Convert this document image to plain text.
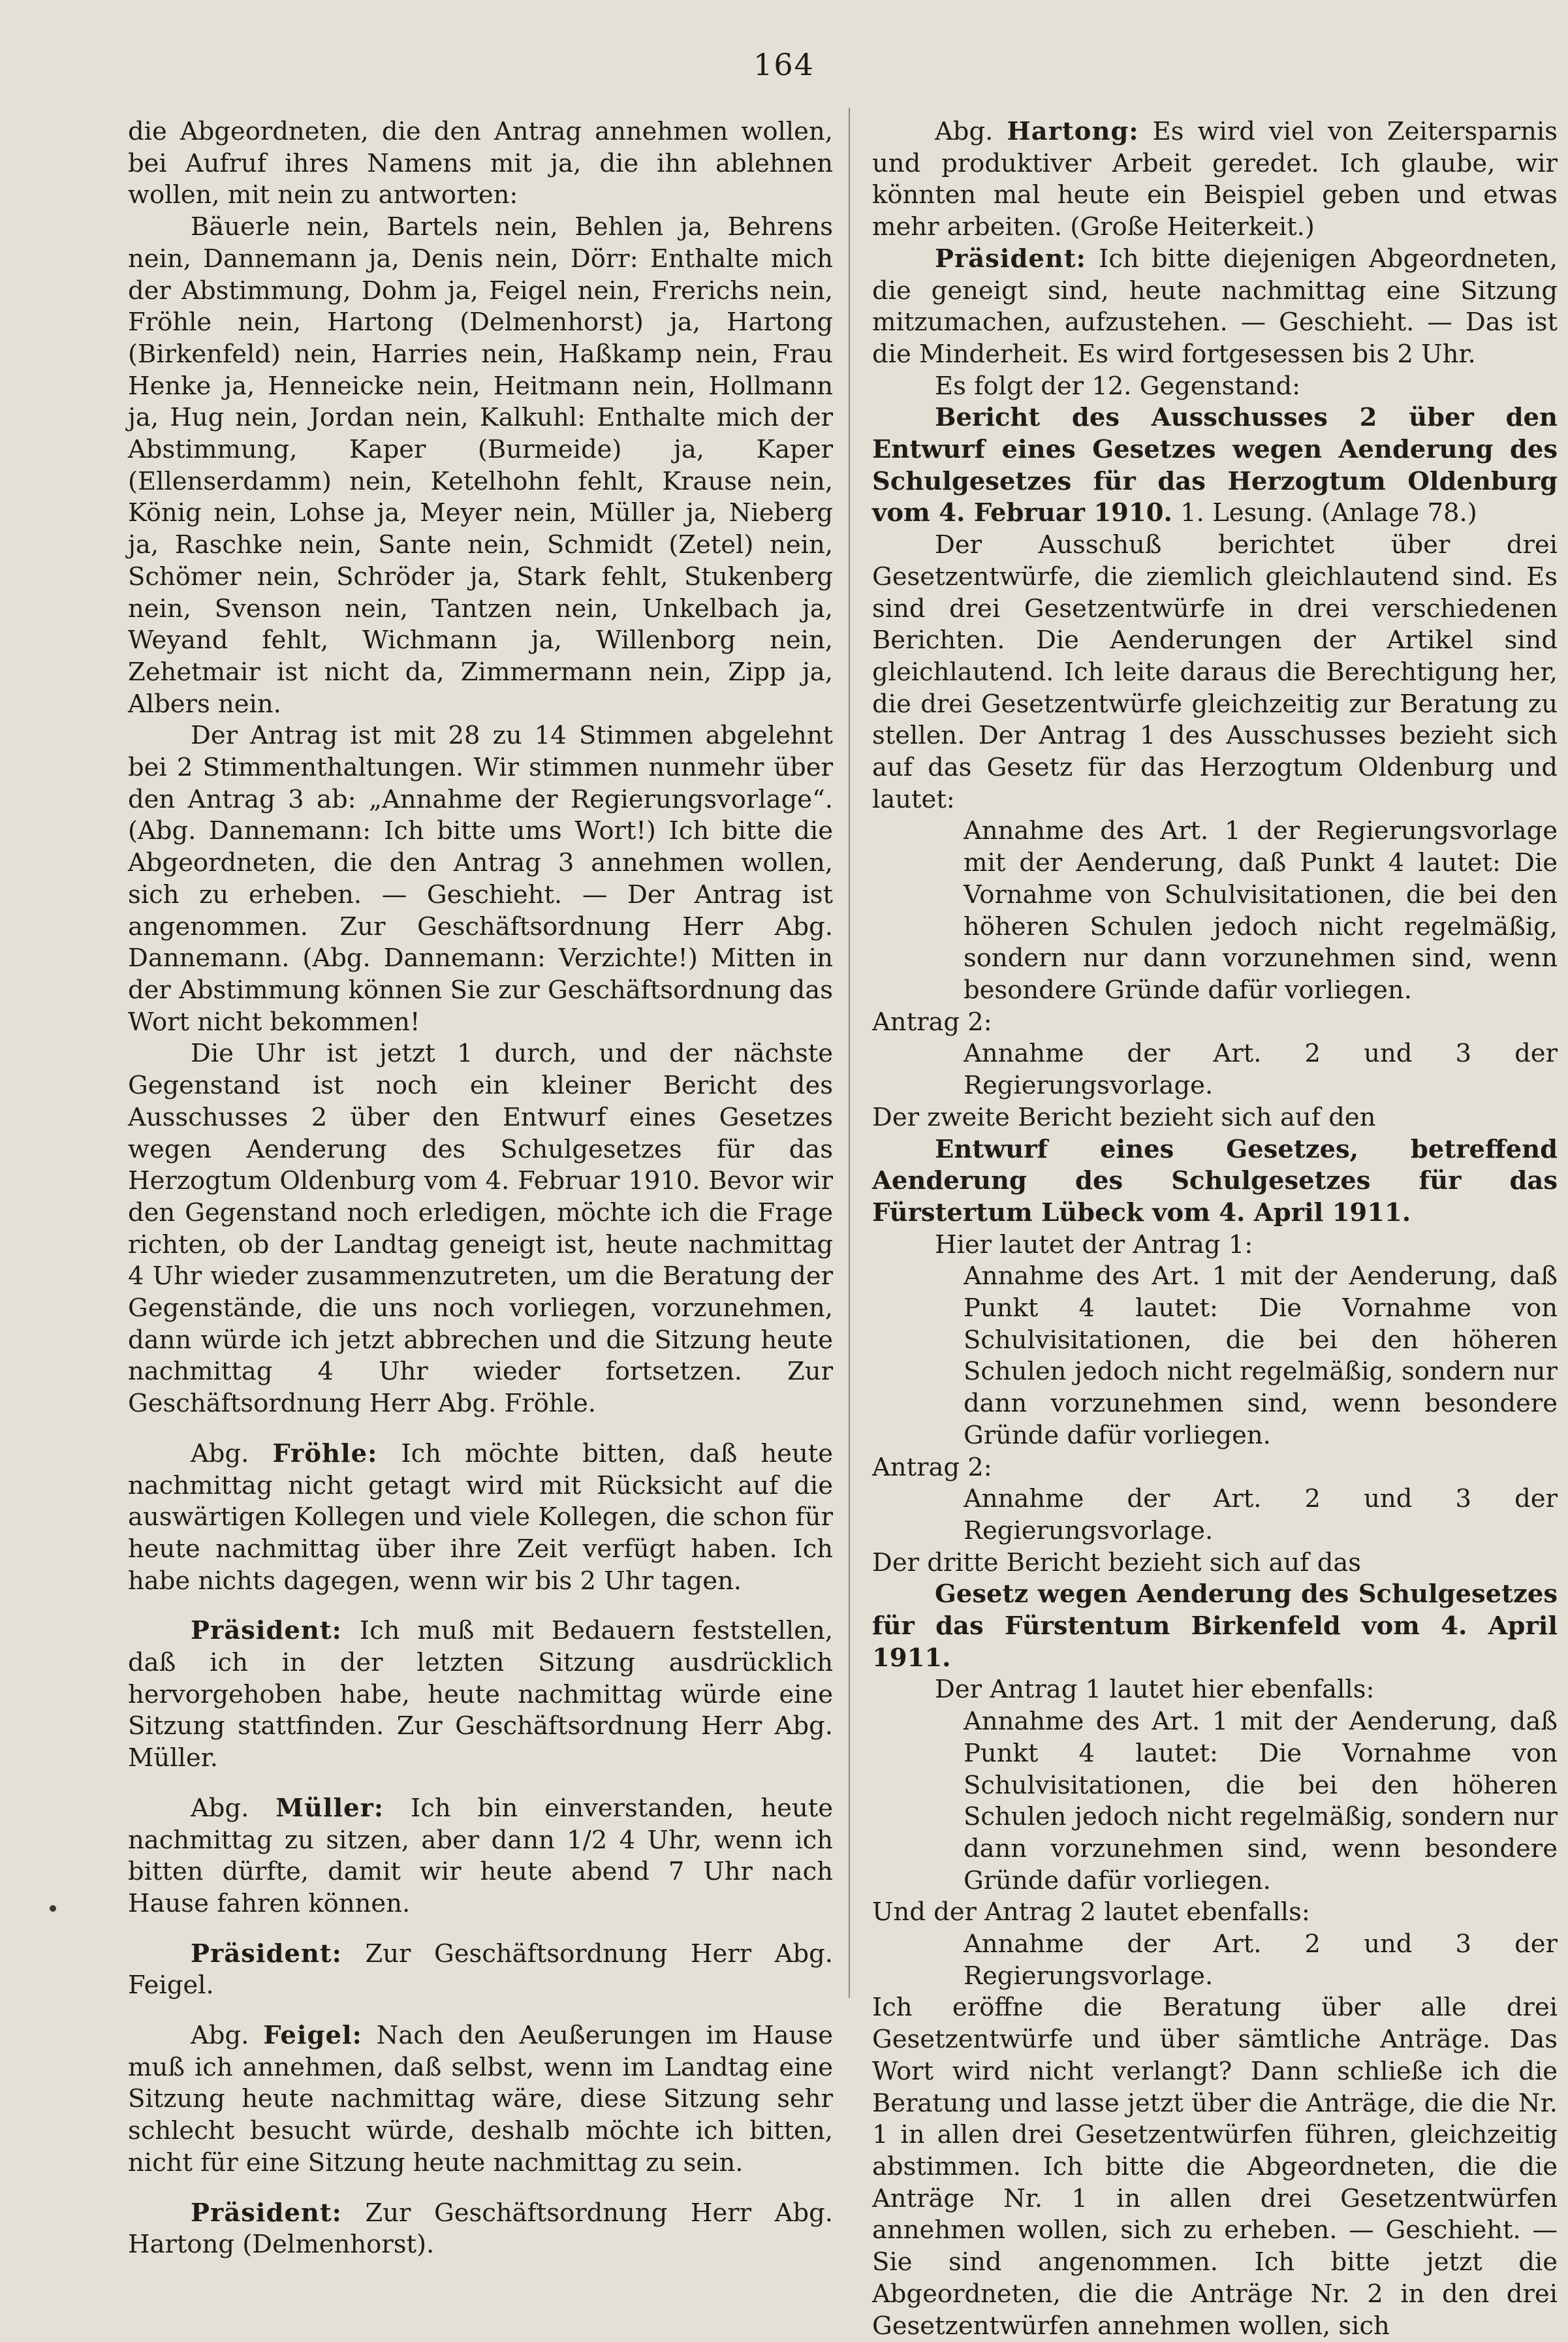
164

die Abgeordneten, die den Antrag annehmen wollen, bei Aufruf ihres Namens mit ja, die ihn ablehnen wollen, mit nein zu antworten:

Bäuerle nein, Bartels nein, Behlen ja, Behrens nein, Dannemann ja, Denis nein, Dörr: Enthalte mich der Abstimmung, Dohm ja, Feigel nein, Frerichs nein, Fröhle nein, Hartong (Delmenhorst) ja, Hartong (Birkenfeld) nein, Harries nein, Haßkamp nein, Frau Henke ja, Henneicke nein, Heitmann nein, Hollmann ja, Hug nein, Jordan nein, Kalkuhl: Enthalte mich der Abstimmung, Kaper (Burmeide) ja, Kaper (Ellenserdamm) nein, Ketelhohn fehlt, Krause nein, König nein, Lohse ja, Meyer nein, Müller ja, Nieberg ja, Raschke nein, Sante nein, Schmidt (Zetel) nein, Schömer nein, Schröder ja, Stark fehlt, Stukenberg nein, Svenson nein, Tantzen nein, Unkelbach ja, Weyand fehlt, Wichmann ja, Willenborg nein, Zehetmair ist nicht da, Zimmermann nein, Zipp ja, Albers nein.

Der Antrag ist mit 28 zu 14 Stimmen abgelehnt bei 2 Stimmenthaltungen. Wir stimmen nunmehr über den Antrag 3 ab: „Annahme der Regierungsvorlage“. (Abg. Dannemann: Ich bitte ums Wort!) Ich bitte die Abgeordneten, die den Antrag 3 annehmen wollen, sich zu erheben. — Geschieht. — Der Antrag ist angenommen. Zur Geschäftsordnung Herr Abg. Dannemann. (Abg. Dannemann: Verzichte!) Mitten in der Abstimmung können Sie zur Geschäftsordnung das Wort nicht bekommen!

Die Uhr ist jetzt 1 durch, und der nächste Gegenstand ist noch ein kleiner Bericht des Ausschusses 2 über den Entwurf eines Gesetzes wegen Aenderung des Schulgesetzes für das Herzogtum Oldenburg vom 4. Februar 1910. Bevor wir den Gegenstand noch erledigen, möchte ich die Frage richten, ob der Landtag geneigt ist, heute nachmittag 4 Uhr wieder zusammenzutreten, um die Beratung der Gegenstände, die uns noch vorliegen, vorzunehmen, dann würde ich jetzt abbrechen und die Sitzung heute nachmittag 4 Uhr wieder fortsetzen. Zur Geschäftsordnung Herr Abg. Fröhle.

Abg. Fröhle: Ich möchte bitten, daß heute nachmittag nicht getagt wird mit Rücksicht auf die auswärtigen Kollegen und viele Kollegen, die schon für heute nachmittag über ihre Zeit verfügt haben. Ich habe nichts dagegen, wenn wir bis 2 Uhr tagen.

Präsident: Ich muß mit Bedauern feststellen, daß ich in der letzten Sitzung ausdrücklich hervorgehoben habe, heute nachmittag würde eine Sitzung stattfinden. Zur Geschäftsordnung Herr Abg. Müller.

Abg. Müller: Ich bin einverstanden, heute nachmittag zu sitzen, aber dann 1/2 4 Uhr, wenn ich bitten dürfte, damit wir heute abend 7 Uhr nach Hause fahren können.

Präsident: Zur Geschäftsordnung Herr Abg. Feigel.

Abg. Feigel: Nach den Aeußerungen im Hause muß ich annehmen, daß selbst, wenn im Landtag eine Sitzung heute nachmittag wäre, diese Sitzung sehr schlecht besucht würde, deshalb möchte ich bitten, nicht für eine Sitzung heute nachmittag zu sein.

Präsident: Zur Geschäftsordnung Herr Abg. Hartong (Delmenhorst).

Abg. Hartong: Es wird viel von Zeitersparnis und produktiver Arbeit geredet. Ich glaube, wir könnten mal heute ein Beispiel geben und etwas mehr arbeiten. (Große Heiterkeit.)

Präsident: Ich bitte diejenigen Abgeordneten, die geneigt sind, heute nachmittag eine Sitzung mitzumachen, aufzustehen. — Geschieht. — Das ist die Minderheit. Es wird fortgesessen bis 2 Uhr.

Es folgt der 12. Gegenstand:

Bericht des Ausschusses 2 über den Entwurf eines Gesetzes wegen Aenderung des Schulgesetzes für das Herzogtum Oldenburg vom 4. Februar 1910. 1. Lesung. (Anlage 78.)

Der Ausschuß berichtet über drei Gesetzentwürfe, die ziemlich gleichlautend sind. Es sind drei Gesetzentwürfe in drei verschiedenen Berichten. Die Aenderungen der Artikel sind gleichlautend. Ich leite daraus die Berechtigung her, die drei Gesetzentwürfe gleichzeitig zur Beratung zu stellen. Der Antrag 1 des Ausschusses bezieht sich auf das Gesetz für das Herzogtum Oldenburg und lautet:

Annahme des Art. 1 der Regierungsvorlage mit der Aenderung, daß Punkt 4 lautet: Die Vornahme von Schulvisitationen, die bei den höheren Schulen jedoch nicht regelmäßig, sondern nur dann vorzunehmen sind, wenn besondere Gründe dafür vorliegen.

Antrag 2:

Annahme der Art. 2 und 3 der Regierungsvorlage.

Der zweite Bericht bezieht sich auf den

Entwurf eines Gesetzes, betreffend Aenderung des Schulgesetzes für das Fürstertum Lübeck vom 4. April 1911.

Hier lautet der Antrag 1:

Annahme des Art. 1 mit der Aenderung, daß Punkt 4 lautet: Die Vornahme von Schulvisitationen, die bei den höheren Schulen jedoch nicht regelmäßig, sondern nur dann vorzunehmen sind, wenn besondere Gründe dafür vorliegen.

Antrag 2:

Annahme der Art. 2 und 3 der Regierungsvorlage.

Der dritte Bericht bezieht sich auf das

Gesetz wegen Aenderung des Schulgesetzes für das Fürstentum Birkenfeld vom 4. April 1911.

Der Antrag 1 lautet hier ebenfalls:

Annahme des Art. 1 mit der Aenderung, daß Punkt 4 lautet: Die Vornahme von Schulvisitationen, die bei den höheren Schulen jedoch nicht regelmäßig, sondern nur dann vorzunehmen sind, wenn besondere Gründe dafür vorliegen.

Und der Antrag 2 lautet ebenfalls:

Annahme der Art. 2 und 3 der Regierungsvorlage.

Ich eröffne die Beratung über alle drei Gesetzentwürfe und über sämtliche Anträge. Das Wort wird nicht verlangt? Dann schließe ich die Beratung und lasse jetzt über die Anträge, die die Nr. 1 in allen drei Gesetzentwürfen führen, gleichzeitig abstimmen. Ich bitte die Abgeordneten, die die Anträge Nr. 1 in allen drei Gesetzentwürfen annehmen wollen, sich zu erheben. — Geschieht. — Sie sind angenommen. Ich bitte jetzt die Abgeordneten, die die Anträge Nr. 2 in den drei Gesetzentwürfen annehmen wollen, sich
